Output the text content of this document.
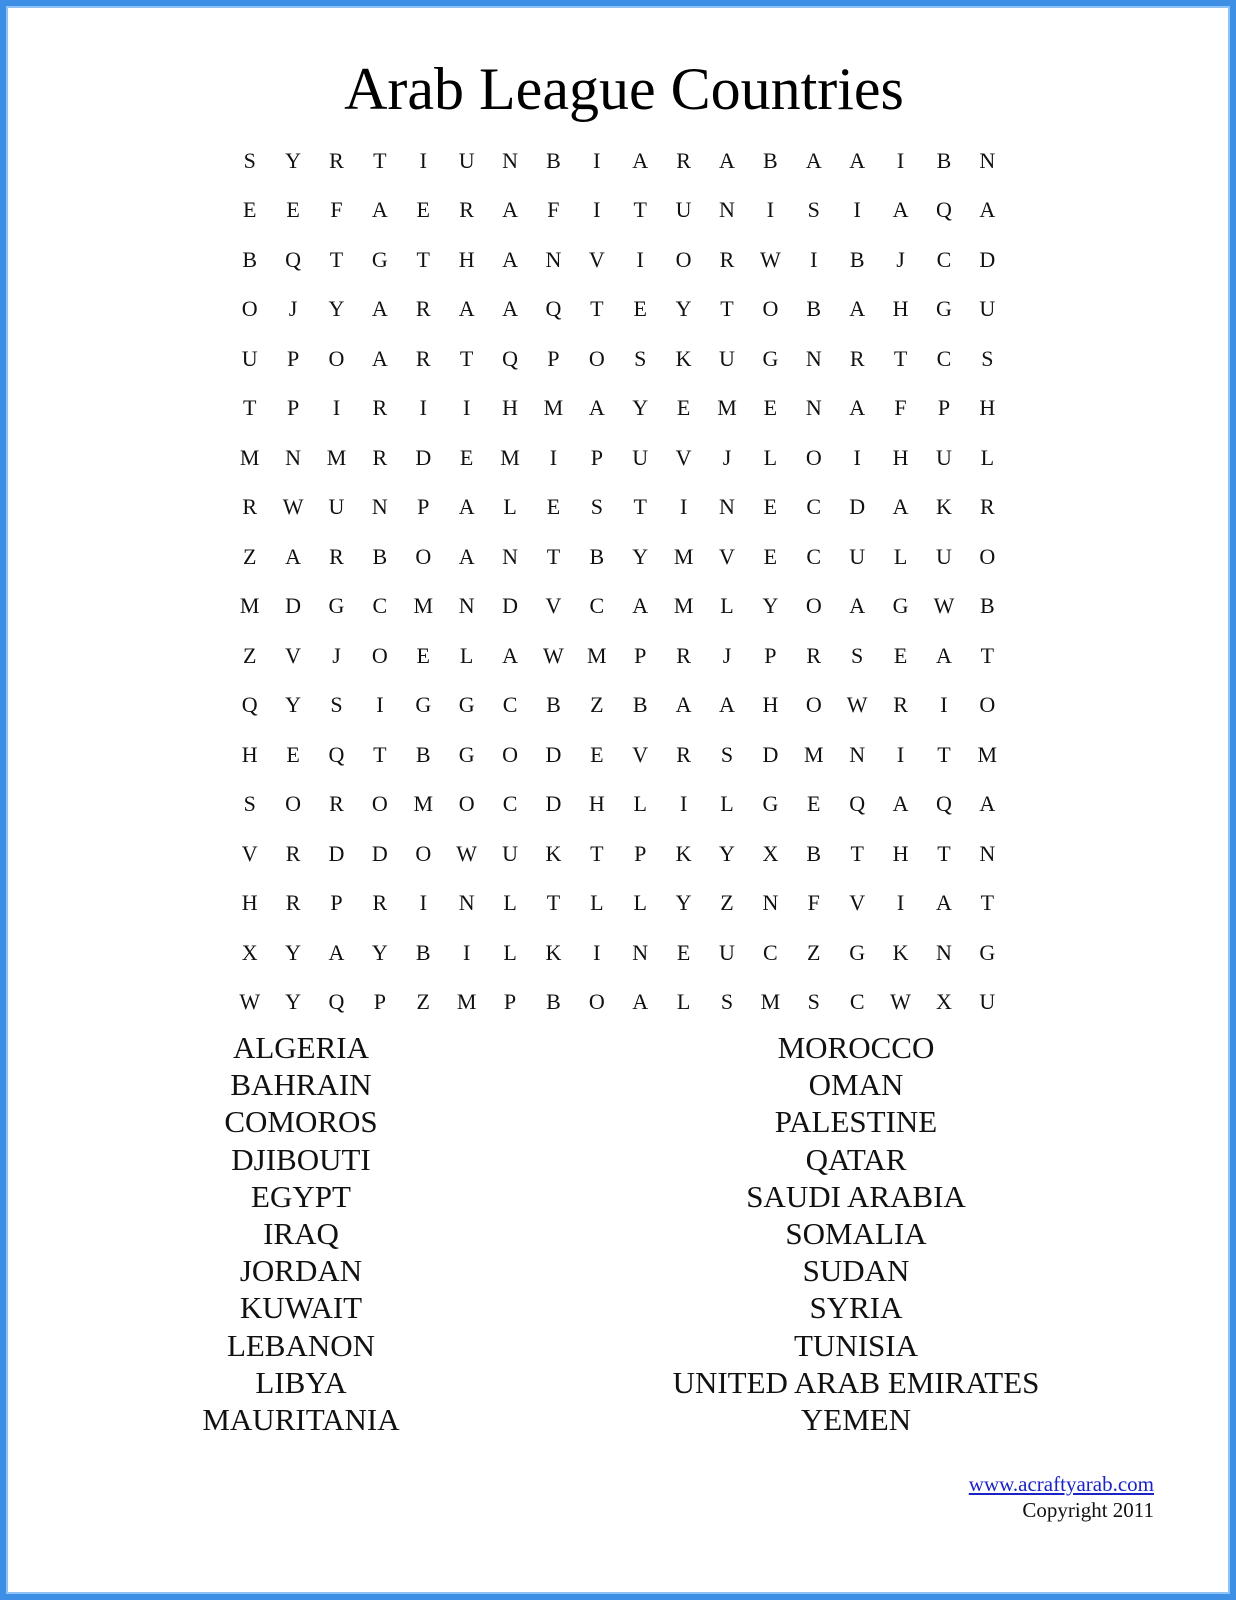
Arab League Countries
S	Y	R	T	I	U	N	B	I	A	R	A	B	A	A	I	B	N
E	E	F	A	E	R	A	F	I	T	U	N	I	S	I	A	Q	A
B	Q	T	G	T	H	A	N	V	I	O	R	W	I	B	J	C	D
O	J	Y	A	R	A	A	Q	T	E	Y	T	O	B	A	H	G	U
U	P	O	A	R	T	Q	P	O	S	K	U	G	N	R	T	C	S
T	P	I	R	I	I	H	M	A	Y	E	M	E	N	A	F	P	H
M	N	M	R	D	E	M	I	P	U	V	J	L	O	I	H	U	L
R	W	U	N	P	A	L	E	S	T	I	N	E	C	D	A	K	R
Z	A	R	B	O	A	N	T	B	Y	M	V	E	C	U	L	U	O
M	D	G	C	M	N	D	V	C	A	M	L	Y	O	A	G	W	B
Z	V	J	O	E	L	A	W	M	P	R	J	P	R	S	E	A	T
Q	Y	S	I	G	G	C	B	Z	B	A	A	H	O	W	R	I	O
H	E	Q	T	B	G	O	D	E	V	R	S	D	M	N	I	T	M
S	O	R	O	M	O	C	D	H	L	I	L	G	E	Q	A	Q	A
V	R	D	D	O	W	U	K	T	P	K	Y	X	B	T	H	T	N
H	R	P	R	I	N	L	T	L	L	Y	Z	N	F	V	I	A	T
X	Y	A	Y	B	I	L	K	I	N	E	U	C	Z	G	K	N	G
W	Y	Q	P	Z	M	P	B	O	A	L	S	M	S	C	W	X	U
ALGERIA
BAHRAIN
COMOROS
DJIBOUTI
EGYPT
IRAQ
JORDAN
KUWAIT
LEBANON
LIBYA
MAURITANIA
MOROCCO
OMAN
PALESTINE
QATAR
SAUDI ARABIA
SOMALIA
SUDAN
SYRIA
TUNISIA
UNITED ARAB EMIRATES
YEMEN
www.acraftyarab.com
Copyright 2011
